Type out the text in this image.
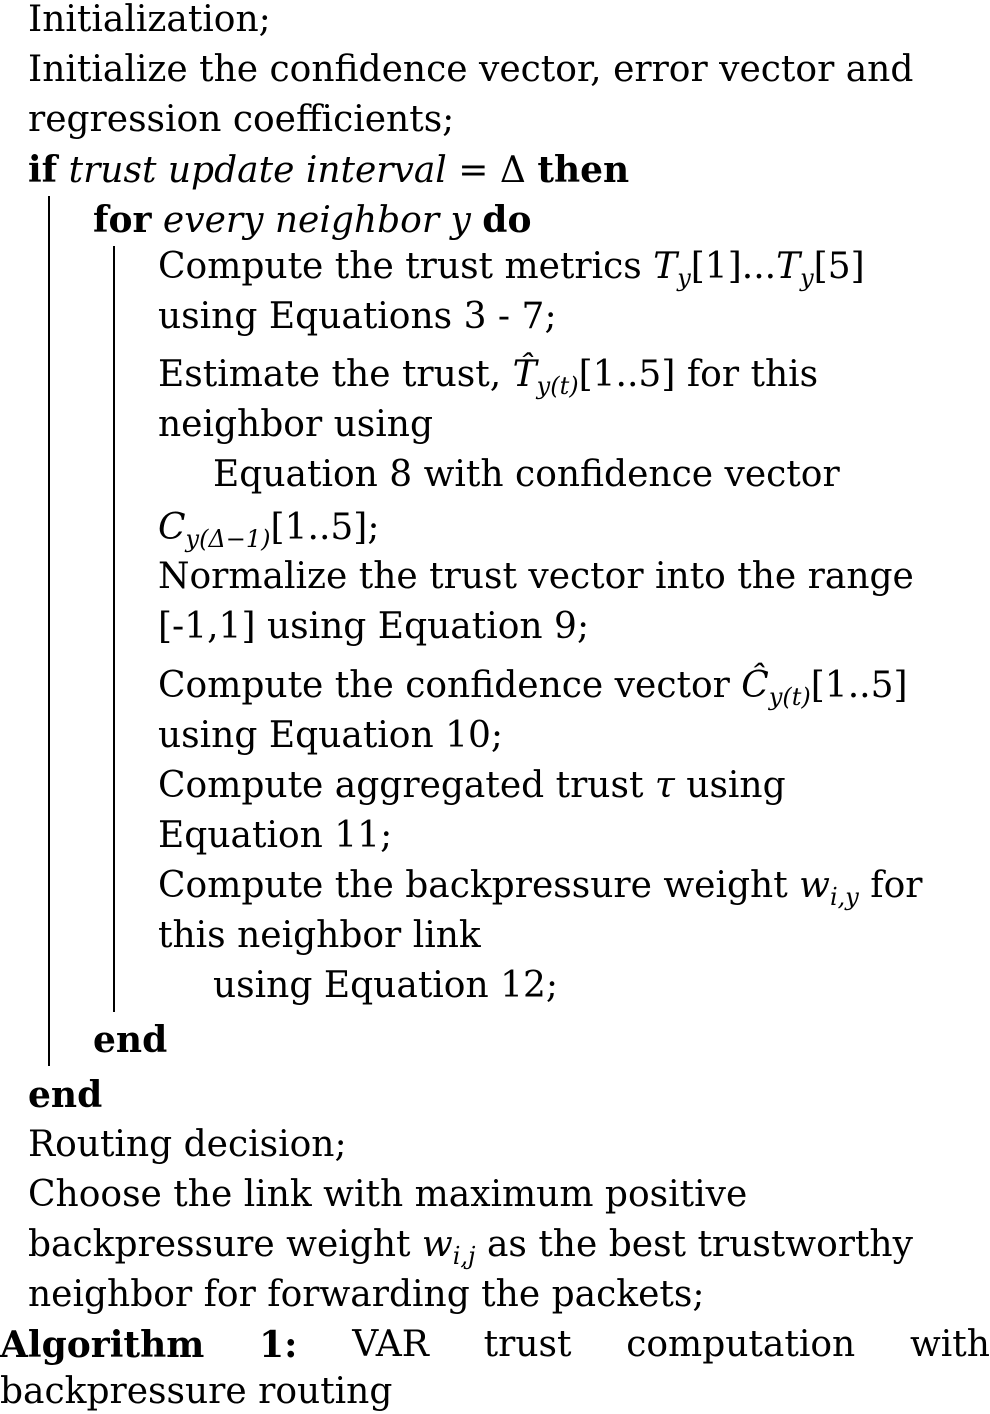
Initialization;
Initialize the confidence vector, error vector and
regression coefficients;
if trust update interval = Δ then
for every neighbor y do
Compute the trust metrics $T_y[1]...T_y[5]$
using Equations 3 - 7;
Estimate the trust, $T̂_{y(t)}[1..5]$ for this
neighbor using
Equation 8 with confidence vector
$C_{y(\Delta-1)}[1..5]$;
Normalize the trust vector into the range
[-1,1] using Equation 9;
Compute the confidence vector $Ĉ_{y(t)}[1..5]$
using Equation 10;
Compute aggregated trust τ using
Equation 11;
Compute the backpressure weight $w_{i,y}$ for
this neighbor link
using Equation 12;
end
end
Routing decision;
Choose the link with maximum positive
backpressure weight $w_{i,j}$ as the best trustworthy
neighbor for forwarding the packets;
Algorithm 1: VAR trust computation with
backpressure routing
